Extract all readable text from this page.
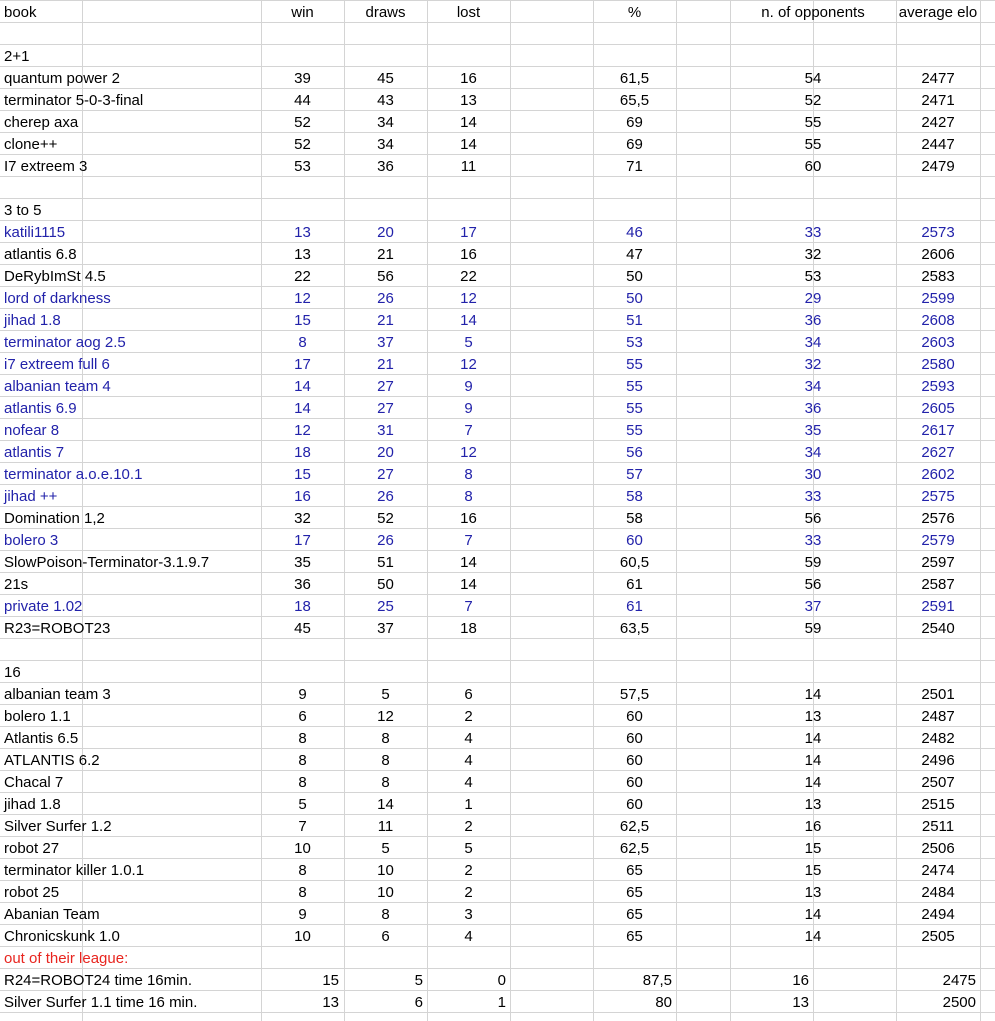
book	win	draws	lost	%	n. of opponents	average elo
2+1
quantum power 2	39	45	16	61,5	54	2477
terminator 5-0-3-final	44	43	13	65,5	52	2471
cherep axa	52	34	14	69	55	2427
clone++	52	34	14	69	55	2447
I7 extreem 3	53	36	11	71	60	2479
3 to 5
katili1115	13	20	17	46	33	2573
atlantis 6.8	13	21	16	47	32	2606
DeRybImSt 4.5	22	56	22	50	53	2583
lord of darkness	12	26	12	50	29	2599
jihad 1.8	15	21	14	51	36	2608
terminator aog 2.5	8	37	5	53	34	2603
i7 extreem full 6	17	21	12	55	32	2580
albanian team 4	14	27	9	55	34	2593
atlantis 6.9	14	27	9	55	36	2605
nofear 8	12	31	7	55	35	2617
atlantis 7	18	20	12	56	34	2627
terminator a.o.e.10.1	15	27	8	57	30	2602
jihad ++	16	26	8	58	33	2575
Domination 1,2	32	52	16	58	56	2576
bolero 3	17	26	7	60	33	2579
SlowPoison-Terminator-3.1.9.7	35	51	14	60,5	59	2597
21s	36	50	14	61	56	2587
private 1.02	18	25	7	61	37	2591
R23=ROBOT23	45	37	18	63,5	59	2540
16
albanian team 3	9	5	6	57,5	14	2501
bolero 1.1	6	12	2	60	13	2487
Atlantis 6.5	8	8	4	60	14	2482
ATLANTIS 6.2	8	8	4	60	14	2496
Chacal 7	8	8	4	60	14	2507
jihad 1.8	5	14	1	60	13	2515
Silver Surfer 1.2	7	11	2	62,5	16	2511
robot 27	10	5	5	62,5	15	2506
terminator killer 1.0.1	8	10	2	65	15	2474
robot 25	8	10	2	65	13	2484
Abanian Team	9	8	3	65	14	2494
Chronicskunk 1.0	10	6	4	65	14	2505
out of their league:
R24=ROBOT24 time 16min.	15	5	0	87,5	16	2475
Silver Surfer 1.1 time 16 min.	13	6	1	80	13	2500
